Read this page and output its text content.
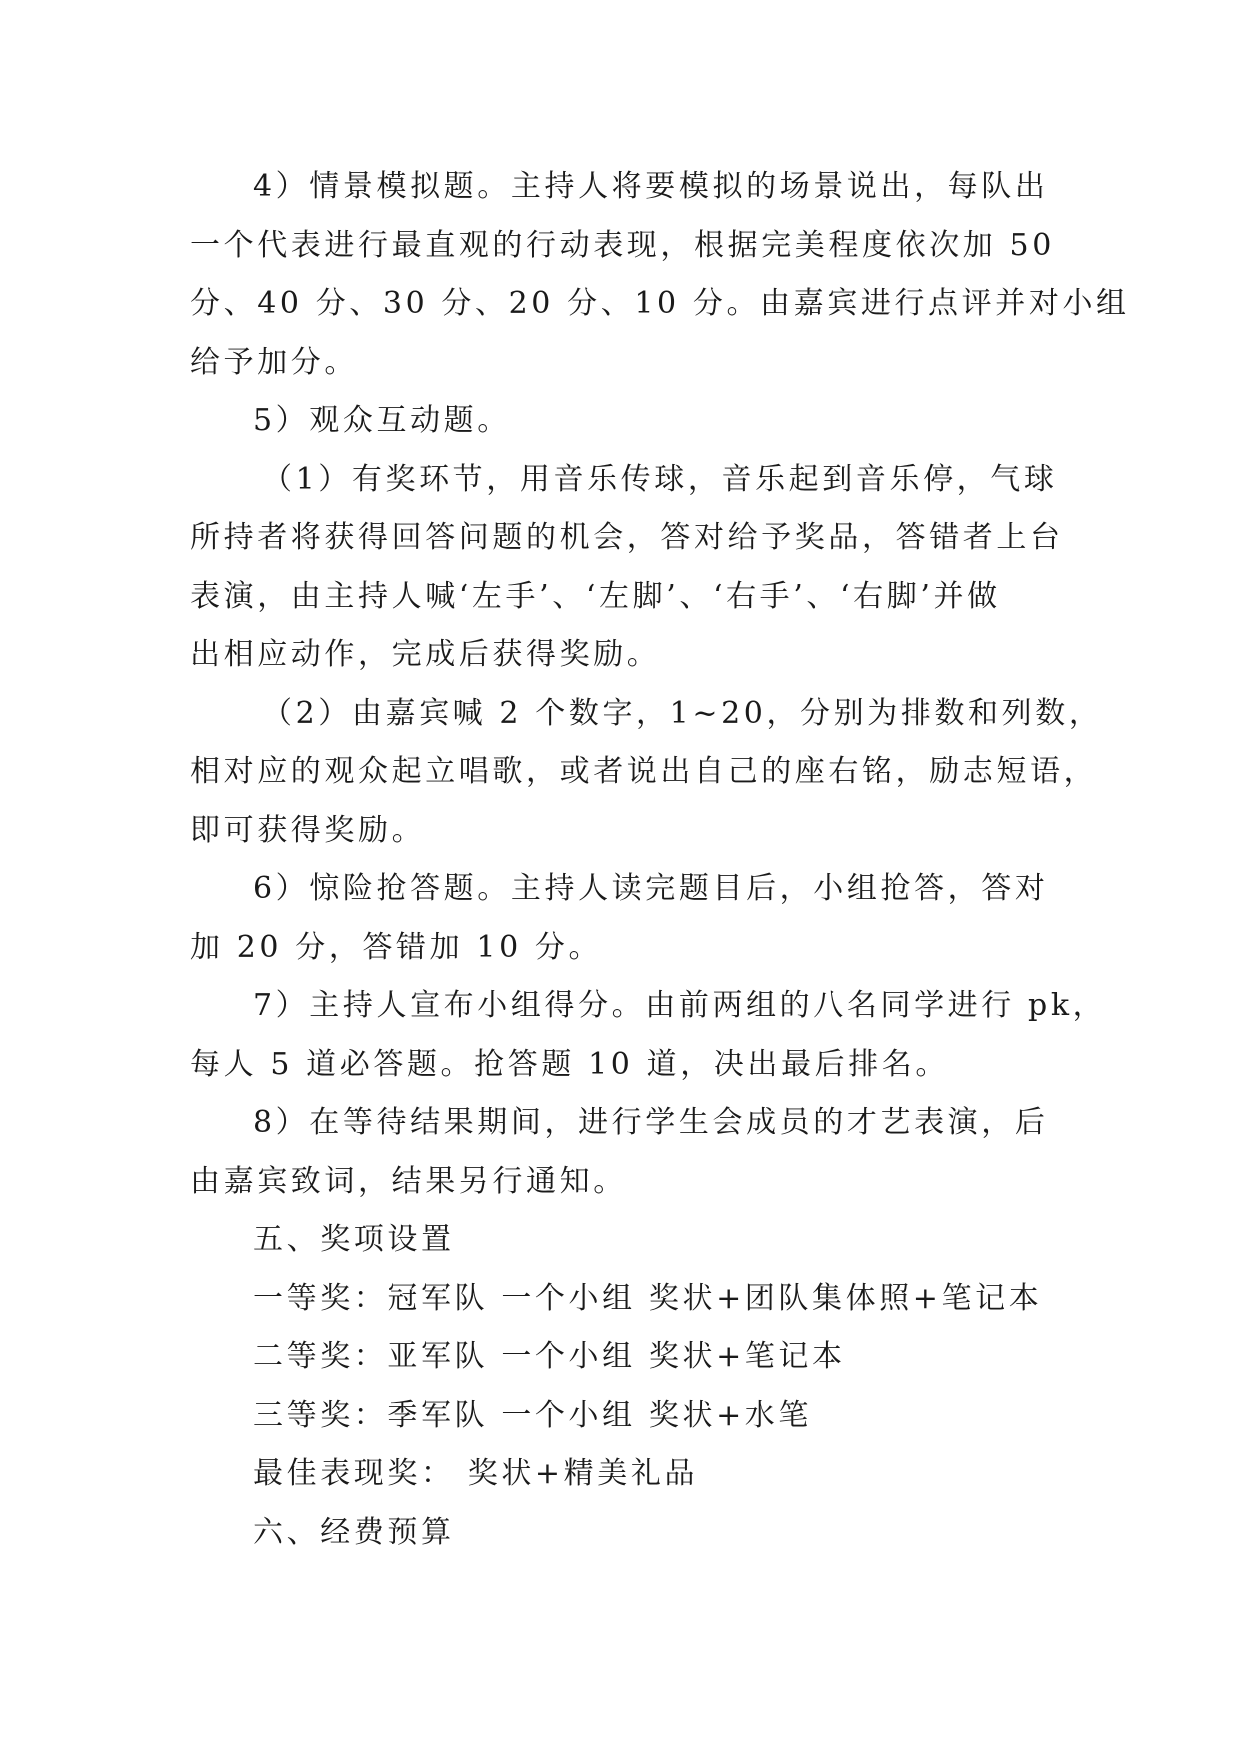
4）情景模拟题。主持人将要模拟的场景说出，每队出
一个代表进行最直观的行动表现，根据完美程度依次加 50
分、40 分、30 分、20 分、10 分。由嘉宾进行点评并对小组
给予加分。
5）观众互动题。
（1）有奖环节，用音乐传球，音乐起到音乐停，气球
所持者将获得回答问题的机会，答对给予奖品，答错者上台
表演，由主持人喊‘左手’、‘左脚’、‘右手’、‘右脚’并做
出相应动作，完成后获得奖励。
（2）由嘉宾喊 2 个数字，1~20，分别为排数和列数，
相对应的观众起立唱歌，或者说出自己的座右铭，励志短语，
即可获得奖励。
6）惊险抢答题。主持人读完题目后，小组抢答，答对
加 20 分，答错加 10 分。
7）主持人宣布小组得分。由前两组的八名同学进行 pk，
每人 5 道必答题。抢答题 10 道，决出最后排名。
8）在等待结果期间，进行学生会成员的才艺表演，后
由嘉宾致词，结果另行通知。
五、奖项设置
一等奖：冠军队 一个小组 奖状+团队集体照+笔记本
二等奖：亚军队 一个小组 奖状+笔记本
三等奖：季军队 一个小组 奖状+水笔
最佳表现奖： 奖状+精美礼品
六、经费预算
